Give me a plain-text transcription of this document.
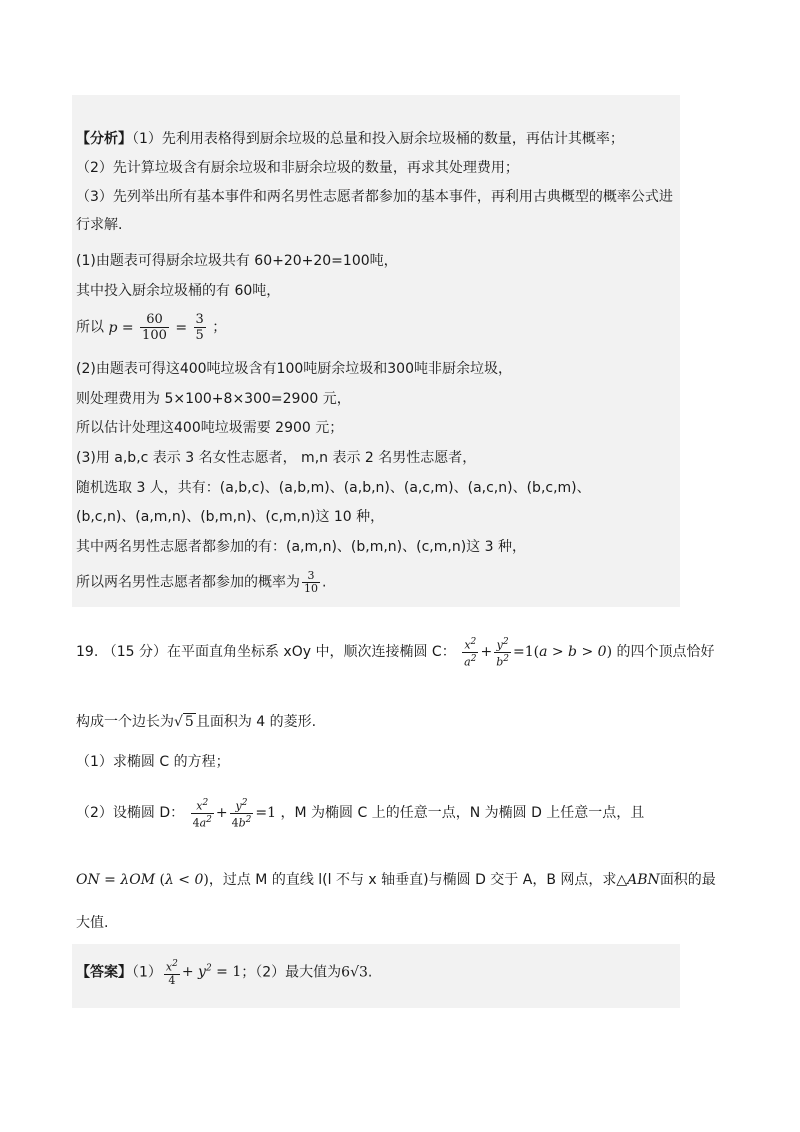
【分析】（1）先利用表格得到厨余垃圾的总量和投入厨余垃圾桶的数量，再估计其概率；
（2）先计算垃圾含有厨余垃圾和非厨余垃圾的数量，再求其处理费用；
（3）先列举出所有基本事件和两名男性志愿者都参加的基本事件，再利用古典概型的概率公式进
行求解.
(1)由题表可得厨余垃圾共有 60+20+20=100吨，
其中投入厨余垃圾桶的有 60吨，
所以 $p = \frac{60}{100} = \frac{3}{5}$ ；
(2)由题表可得这400吨垃圾含有100吨厨余垃圾和300吨非厨余垃圾，
则处理费用为 5×100+8×300=2900 元，
所以估计处理这400吨垃圾需要 2900 元；
(3)用 a,b,c 表示 3 名女性志愿者， m,n 表示 2 名男性志愿者，
随机选取 3 人，共有：(a,b,c)、(a,b,m)、(a,b,n)、(a,c,m)、(a,c,n)、(b,c,m)、
(b,c,n)、(a,m,n)、(b,m,n)、(c,m,n)这 10 种，
其中两名男性志愿者都参加的有：(a,m,n)、(b,m,n)、(c,m,n)这 3 种，
所以两名男性志愿者都参加的概率为 $\frac{3}{10}$ .
19. （15 分）在平面直角坐标系 xOy 中，顺次连接椭圆 C： $\frac{x^2}{a^2} + \frac{y^2}{b^2} =1(a > b > 0)$ 的四个顶点恰好
构成一个边长为√ 5 且面积为 4 的菱形.
（1）求椭圆 C 的方程；
（2）设椭圆 D： $\frac{x^2}{4a^2} + \frac{y^2}{4b^2} =1$ ，M 为椭圆 C 上的任意一点，N 为椭圆 D 上任意一点，且
ON = λOM (λ < 0)，过点 M 的直线 l(l 不与 x 轴垂直)与椭圆 D 交于 A，B 网点，求△ABN面积的最
大值.
【答案】$(1) \frac{x^2}{4} + y^2 = 1$；（2）最大值为6√3.
